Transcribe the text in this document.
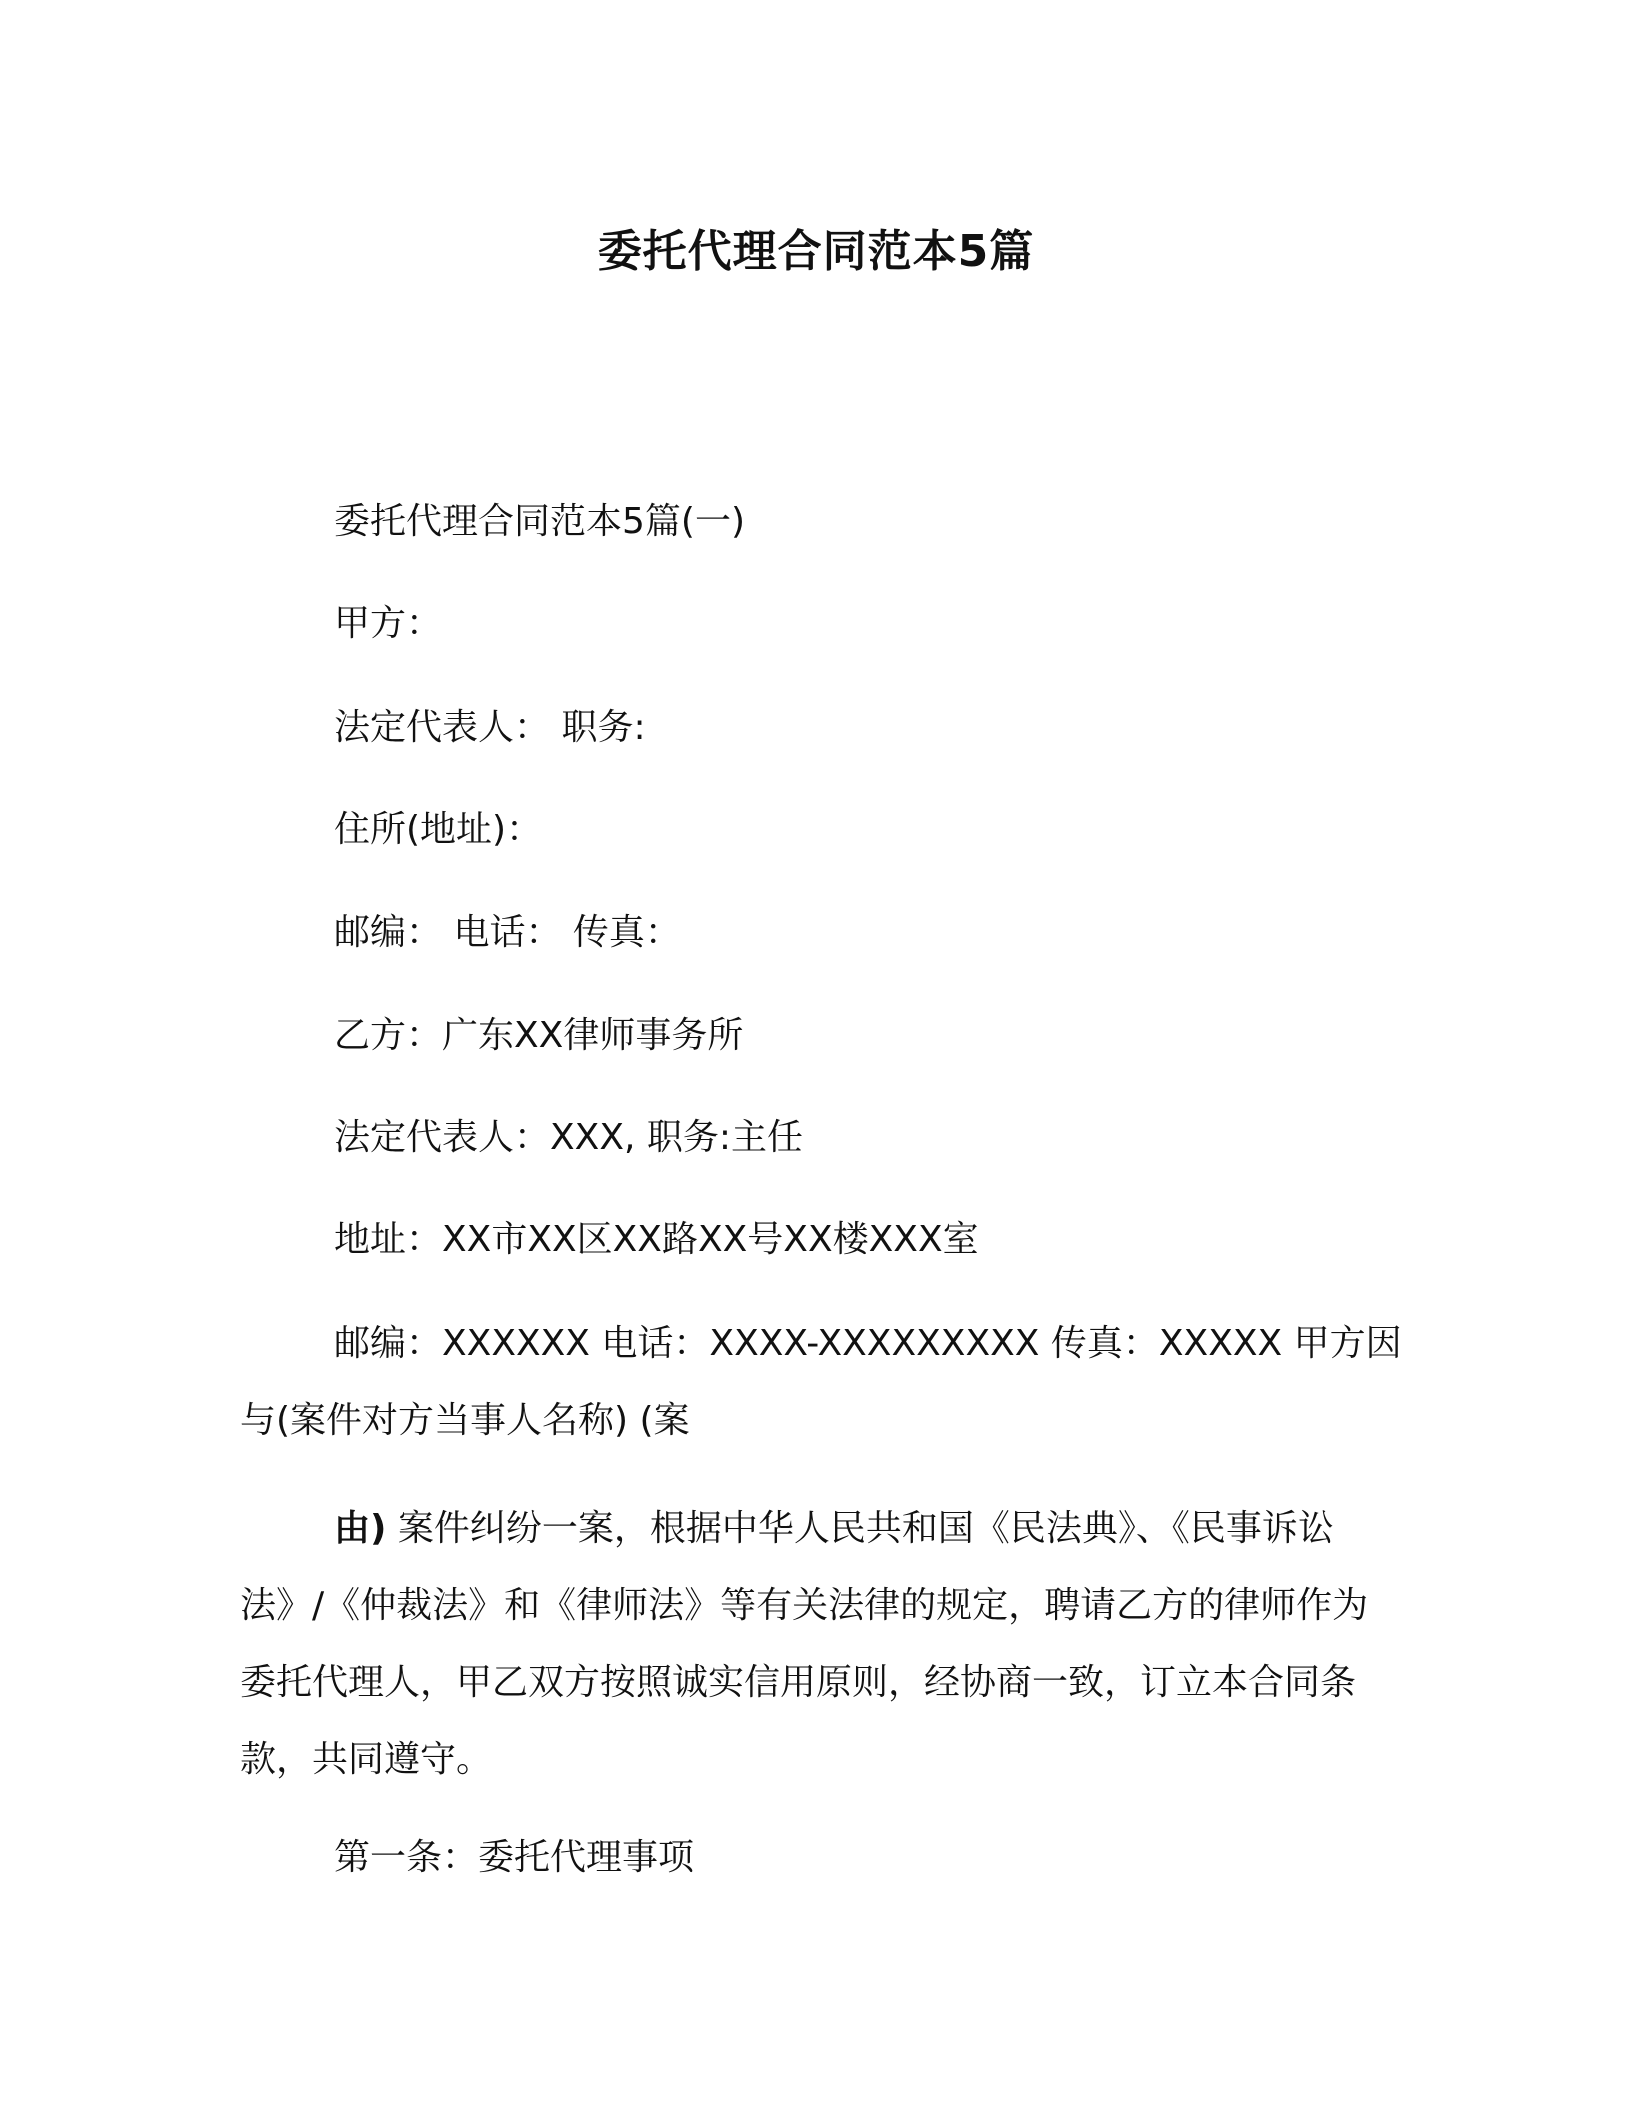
委托代理合同范本5篇
委托代理合同范本5篇(一)
甲方：
法定代表人： 职务:
住所(地址)：
邮编： 电话： 传真：
乙方：广东XX律师事务所
法定代表人：XXX, 职务:主任
地址：XX市XX区XX路XX号XX楼XXX室
邮编：XXXXXX 电话：XXXX-XXXXXXXXX 传真：XXXXX 甲方因
与(案件对方当事人名称) (案
由) 案件纠纷一案，根据中华人民共和国《民法典》、《民事诉讼法》/《仲裁法》和《律师法》等有关法律的规定，聘请乙方的律师作为委托代理人，甲乙双方按照诚实信用原则，经协商一致，订立本合同条款，共同遵守。
第一条：委托代理事项
